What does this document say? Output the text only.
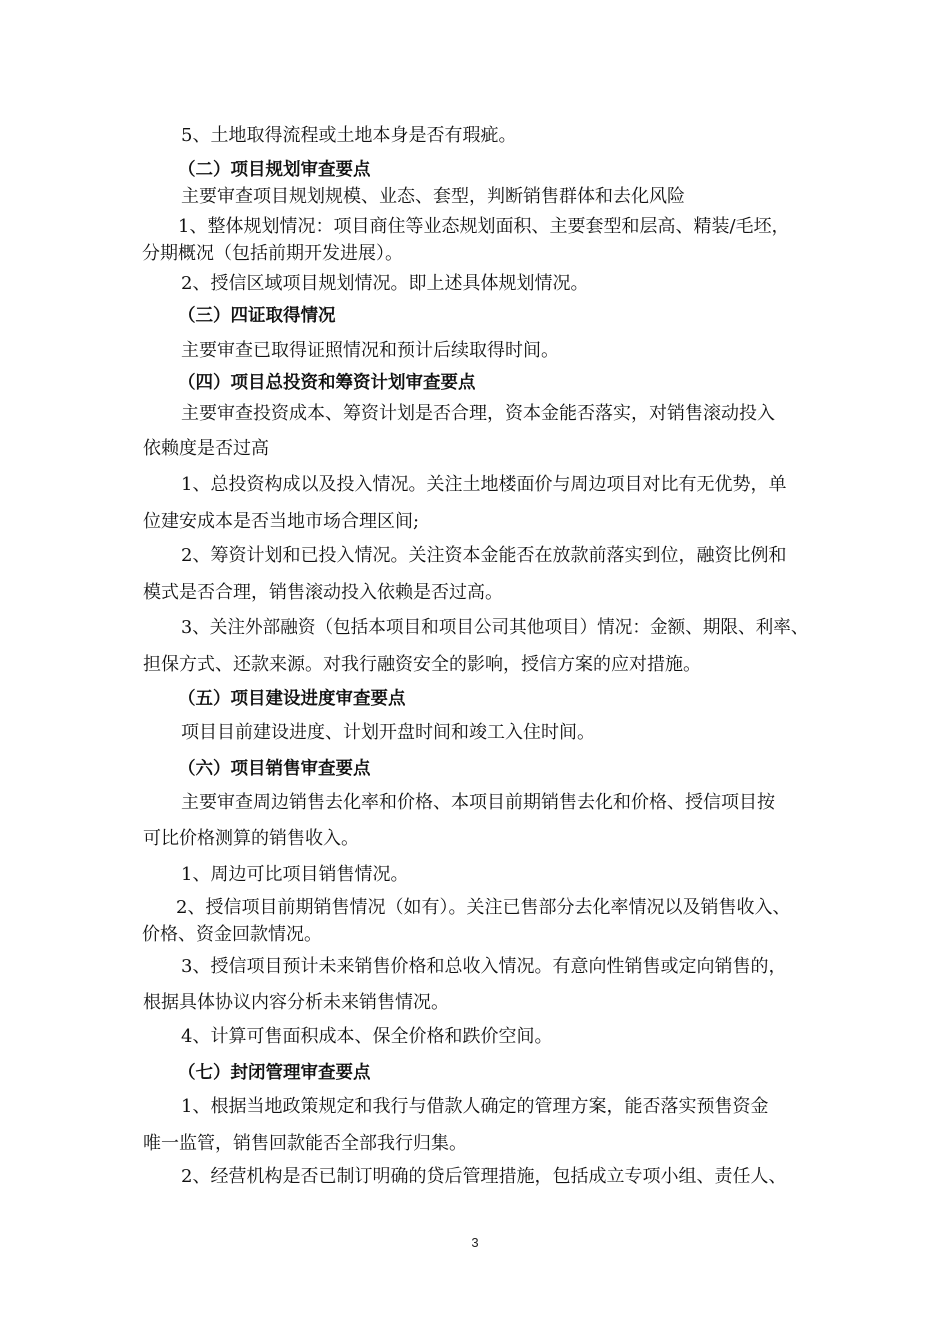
5、土地取得流程或土地本身是否有瑕疵。
（二）项目规划审查要点
主要审查项目规划规模、业态、套型，判断销售群体和去化风险
1、整体规划情况：项目商住等业态规划面积、主要套型和层高、精装/毛坯，
分期概况（包括前期开发进展）。
2、授信区域项目规划情况。即上述具体规划情况。
（三）四证取得情况
主要审查已取得证照情况和预计后续取得时间。
（四）项目总投资和筹资计划审查要点
主要审查投资成本、筹资计划是否合理，资本金能否落实，对销售滚动投入
依赖度是否过高
1、总投资构成以及投入情况。关注土地楼面价与周边项目对比有无优势，单
位建安成本是否当地市场合理区间;
2、筹资计划和已投入情况。关注资本金能否在放款前落实到位，融资比例和
模式是否合理，销售滚动投入依赖是否过高。
3、关注外部融资（包括本项目和项目公司其他项目）情况：金额、期限、利率、
担保方式、还款来源。对我行融资安全的影响，授信方案的应对措施。
（五）项目建设进度审查要点
项目目前建设进度、计划开盘时间和竣工入住时间。
（六）项目销售审查要点
主要审查周边销售去化率和价格、本项目前期销售去化和价格、授信项目按
可比价格测算的销售收入。
1、周边可比项目销售情况。
2、授信项目前期销售情况（如有）。关注已售部分去化率情况以及销售收入、
价格、资金回款情况。
3、授信项目预计未来销售价格和总收入情况。有意向性销售或定向销售的，
根据具体协议内容分析未来销售情况。
4、计算可售面积成本、保全价格和跌价空间。
（七）封闭管理审查要点
1、根据当地政策规定和我行与借款人确定的管理方案，能否落实预售资金
唯一监管，销售回款能否全部我行归集。
2、经营机构是否已制订明确的贷后管理措施，包括成立专项小组、责任人、
3
